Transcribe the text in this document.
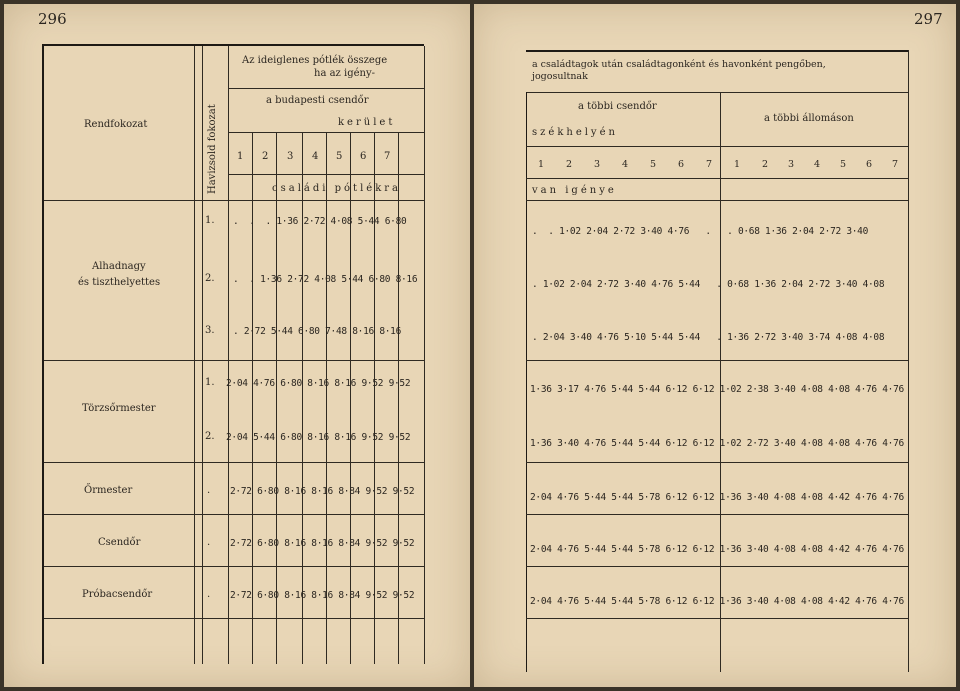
296
Az ideiglenes pótlék összege
ha az igény-
a budapesti csendőr
kerület
1 2 3 4 5 6 7
családi pótlékra
Rendfokozat	Havizsold fokozat
Alhadnagy
és tiszthelyettes
1. .  .  . 1·36 2·72 4·08 5·44 6·80
2. .  . 1·36 2·72 4·08 5·44 6·80 8·16
3. . 2·72 5·44 6·80 7·48 8·16 8·16
Törzsőrmester
1. 2·04 4·76 6·80 8·16 8·16 9·52 9·52
2. 2·04 5·44 6·80 8·16 8·16 9·52 9·52
Őrmester	. 2·72 6·80 8·16 8·16 8·84 9·52 9·52
Csendőr	. 2·72 6·80 8·16 8·16 8·84 9·52 9·52
Próbacsendőr	. 2·72 6·80 8·16 8·16 8·84 9·52 9·52
297
a családtagok után családtagonként és havonként pengőben,
jogosultnak
a többi csendőr
székhelyén
a többi állomáson
1 2 3 4 5 6 7 1 2 3 4 5 6 7
van igénye
.  . 1·02 2·04 2·72 3·40 4·76   .   . 0·68 1·36 2·04 2·72 3·40
. 1·02 2·04 2·72 3·40 4·76 5·44   . 0·68 1·36 2·04 2·72 3·40 4·08
. 2·04 3·40 4·76 5·10 5·44 5·44   . 1·36 2·72 3·40 3·74 4·08 4·08
1·36 3·17 4·76 5·44 5·44 6·12 6·12 1·02 2·38 3·40 4·08 4·08 4·76 4·76
1·36 3·40 4·76 5·44 5·44 6·12 6·12 1·02 2·72 3·40 4·08 4·08 4·76 4·76
2·04 4·76 5·44 5·44 5·78 6·12 6·12 1·36 3·40 4·08 4·08 4·42 4·76 4·76
2·04 4·76 5·44 5·44 5·78 6·12 6·12 1·36 3·40 4·08 4·08 4·42 4·76 4·76
2·04 4·76 5·44 5·44 5·78 6·12 6·12 1·36 3·40 4·08 4·08 4·42 4·76 4·76
